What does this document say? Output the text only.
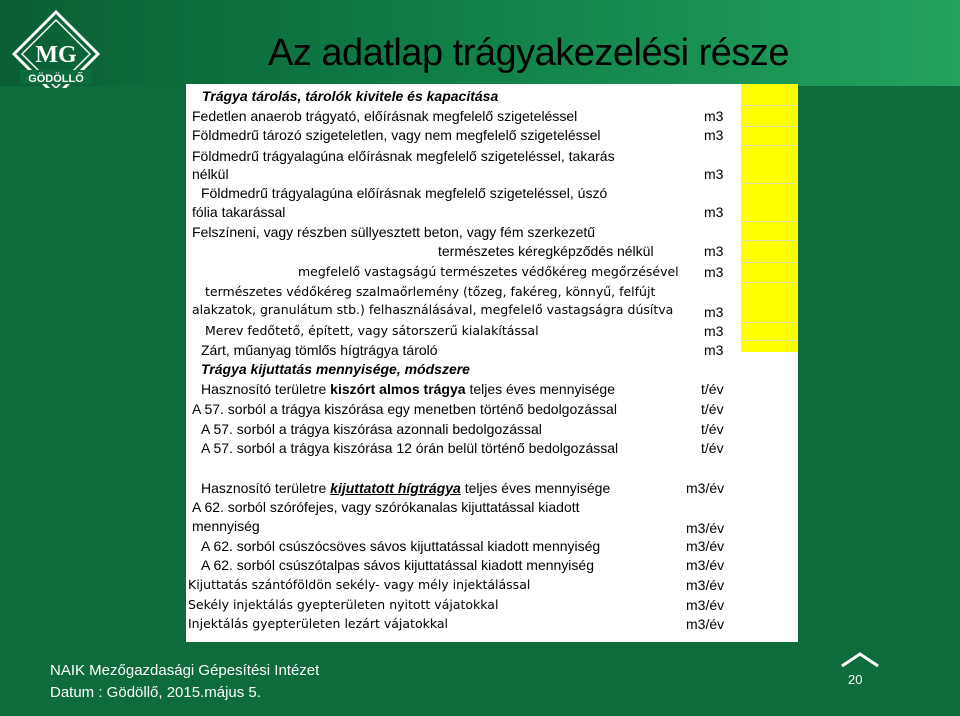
MG
GÖDÖLLŐ
Az adatlap trágyakezelési része
Trágya tárolás, tárolók kivitele és kapacitása
Fedetlen anaerob trágyató, előírásnak megfelelő szigeteléssel	m3
Földmedrű tározó szigeteletlen, vagy nem megfelelő szigeteléssel	m3
Földmedrű trágyalagúna előírásnak megfelelő szigeteléssel, takarás
nélkül	m3
Földmedrű trágyalagúna előírásnak megfelelő szigeteléssel, úszó
fólia takarással	m3
Felszíneni, vagy részben süllyesztett beton, vagy fém szerkezetű
természetes kéregképződés nélkül	m3
megfelelő vastagságú természetes védőkéreg megőrzésével m3
természetes védőkéreg szalmaőrlemény (tőzeg, fakéreg, könnyű, felfújt
alakzatok, granulátum stb.) felhasználásával, megfelelő vastagságra dúsítva m3
Merev fedőtető, épített, vagy sátorszerű kialakítással	m3
Zárt, műanyag tömlős hígtrágya tároló	m3
Trágya kijuttatás mennyisége, módszere
Hasznosító területre kiszórt almos trágya teljes éves mennyisége	t/év
A 57. sorból a trágya kiszórása egy menetben történő bedolgozással	t/év
A 57. sorból a trágya kiszórása azonnali bedolgozással	t/év
A 57. sorból a trágya kiszórása 12 órán belül történő bedolgozással	t/év
Hasznosító területre kijuttatott hígtrágya teljes éves mennyisége	m3/év
A 62. sorból szórófejes, vagy szórókanalas kijuttatással kiadott
mennyiség	m3/év
A 62. sorból csúszócsöves sávos kijuttatással kiadott mennyiség	m3/év
A 62. sorból csúszótalpas sávos kijuttatással kiadott mennyiség	m3/év
Kijuttatás szántóföldön sekély- vagy mély injektálással	m3/év
Sekély injektálás gyepterületen nyitott vájatokkal	m3/év
Injektálás gyepterületen lezárt vájatokkal	m3/év
NAIK Mezőgazdasági Gépesítési Intézet
Datum : Gödöllő, 2015.május 5.
20
